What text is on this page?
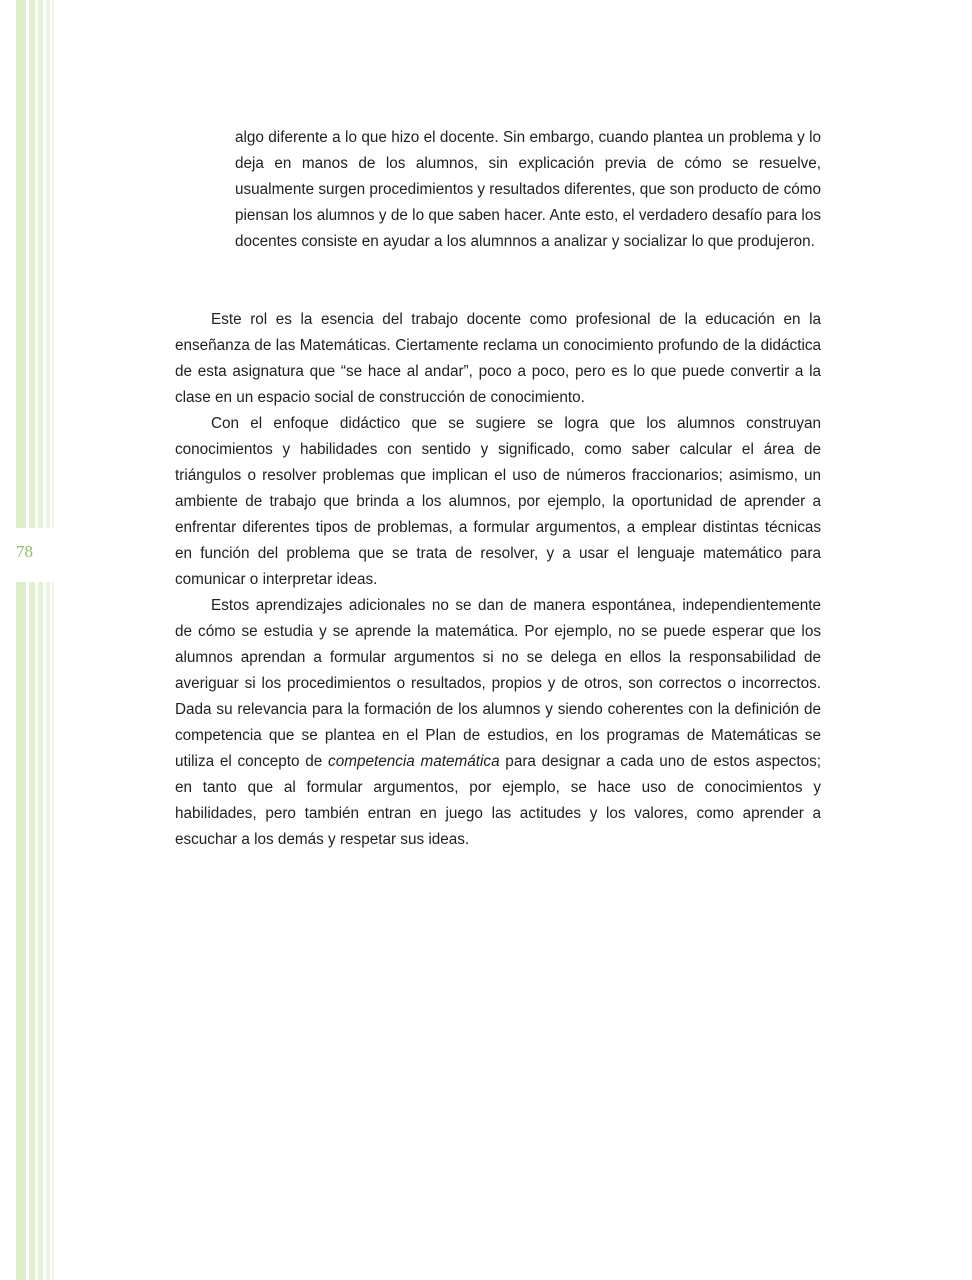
78

algo diferente a lo que hizo el docente. Sin embargo, cuando plantea un problema y lo deja en manos de los alumnos, sin explicación previa de cómo se resuelve, usualmente surgen procedimientos y resultados diferentes, que son producto de cómo piensan los alumnos y de lo que saben hacer. Ante esto, el verdadero desafío para los docentes consiste en ayudar a los alumnnos a analizar y socializar lo que produjeron.

Este rol es la esencia del trabajo docente como profesional de la educación en la enseñanza de las Matemáticas. Ciertamente reclama un conocimiento profundo de la didáctica de esta asignatura que “se hace al andar”, poco a poco, pero es lo que puede convertir a la clase en un espacio social de construcción de conocimiento.

Con el enfoque didáctico que se sugiere se logra que los alumnos construyan conocimientos y habilidades con sentido y significado, como saber calcular el área de triángulos o resolver problemas que implican el uso de números fraccionarios; asimismo, un ambiente de trabajo que brinda a los alumnos, por ejemplo, la oportunidad de aprender a enfrentar diferentes tipos de problemas, a formular argumentos, a emplear distintas técnicas en función del problema que se trata de resolver, y a usar el lenguaje matemático para comunicar o interpretar ideas.

Estos aprendizajes adicionales no se dan de manera espontánea, independientemente de cómo se estudia y se aprende la matemática. Por ejemplo, no se puede esperar que los alumnos aprendan a formular argumentos si no se delega en ellos la responsabilidad de averiguar si los procedimientos o resultados, propios y de otros, son correctos o incorrectos. Dada su relevancia para la formación de los alumnos y siendo coherentes con la definición de competencia que se plantea en el Plan de estudios, en los programas de Matemáticas se utiliza el concepto de competencia matemática para designar a cada uno de estos aspectos; en tanto que al formular argumentos, por ejemplo, se hace uso de conocimientos y habilidades, pero también entran en juego las actitudes y los valores, como aprender a escuchar a los demás y respetar sus ideas.
